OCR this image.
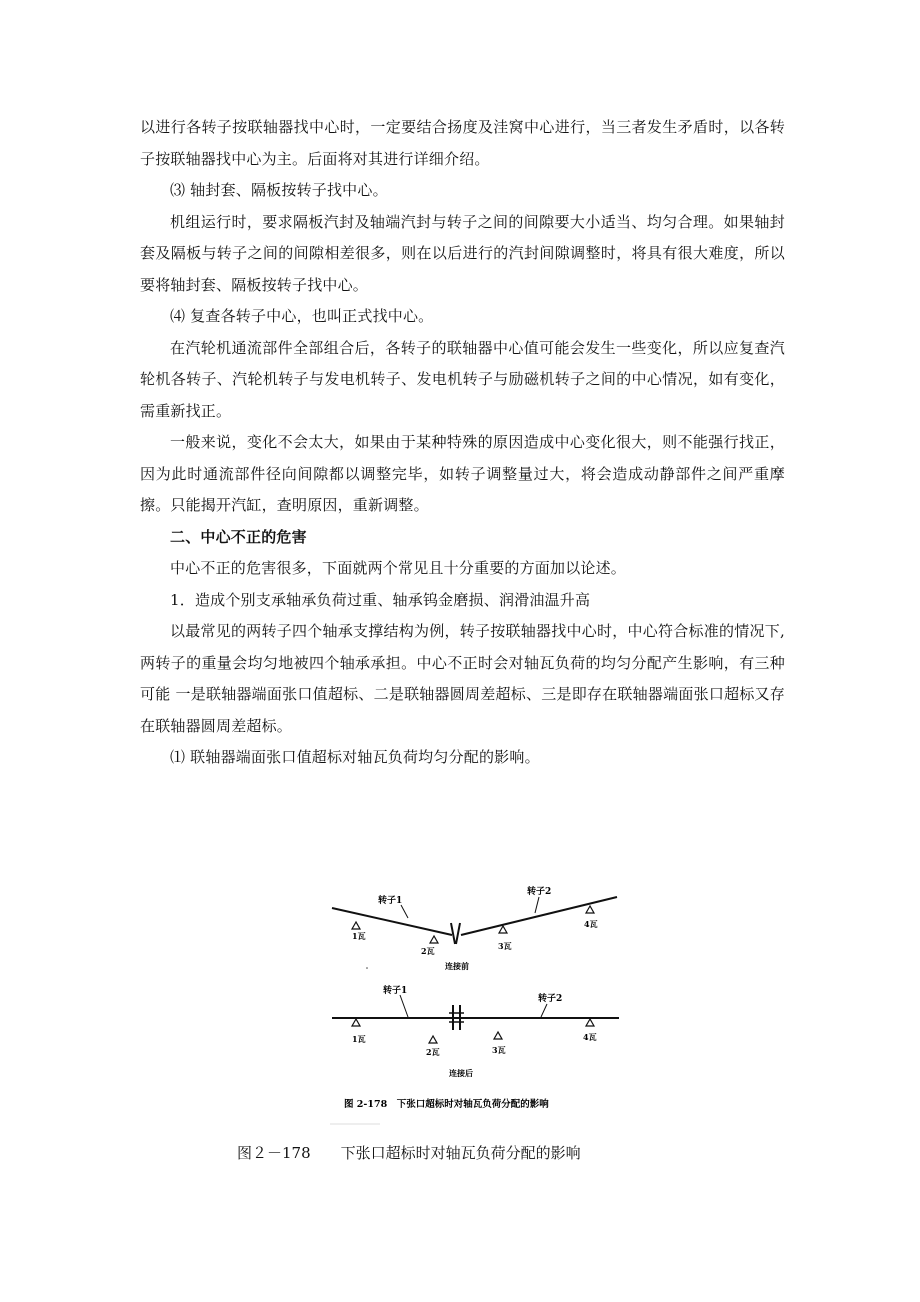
以进行各转子按联轴器找中心时，一定要结合扬度及洼窝中心进行，当三者发生矛盾时，以各转子按联轴器找中心为主。后面将对其进行详细介绍。

⑶ 轴封套、隔板按转子找中心。

机组运行时，要求隔板汽封及轴端汽封与转子之间的间隙要大小适当、均匀合理。如果轴封套及隔板与转子之间的间隙相差很多，则在以后进行的汽封间隙调整时，将具有很大难度，所以要将轴封套、隔板按转子找中心。

⑷ 复查各转子中心，也叫正式找中心。

在汽轮机通流部件全部组合后，各转子的联轴器中心值可能会发生一些变化，所以应复查汽轮机各转子、汽轮机转子与发电机转子、发电机转子与励磁机转子之间的中心情况，如有变化，需重新找正。

一般来说，变化不会太大，如果由于某种特殊的原因造成中心变化很大，则不能强行找正，因为此时通流部件径向间隙都以调整完毕，如转子调整量过大，将会造成动静部件之间严重摩擦。只能揭开汽缸，查明原因，重新调整。

二、中心不正的危害

中心不正的危害很多，下面就两个常见且十分重要的方面加以论述。

1．造成个别支承轴承负荷过重、轴承钨金磨损、润滑油温升高

以最常见的两转子四个轴承支撑结构为例，转子按联轴器找中心时，中心符合标准的情况下,两转子的重量会均匀地被四个轴承承担。中心不正时会对轴瓦负荷的均匀分配产生影响，有三种可能 一是联轴器端面张口值超标、二是联轴器圆周差超标、三是即存在联轴器端面张口超标又存在联轴器圆周差超标。

⑴ 联轴器端面张口值超标对轴瓦负荷均匀分配的影响。

转子1
转子2
1瓦
2瓦	3瓦
4瓦
连接前
转子1
转子2
1瓦
2瓦	3瓦
4瓦
连接后
图 2-178　下张口超标时对轴瓦负荷分配的影响
图２－178　　下张口超标时对轴瓦负荷分配的影响
